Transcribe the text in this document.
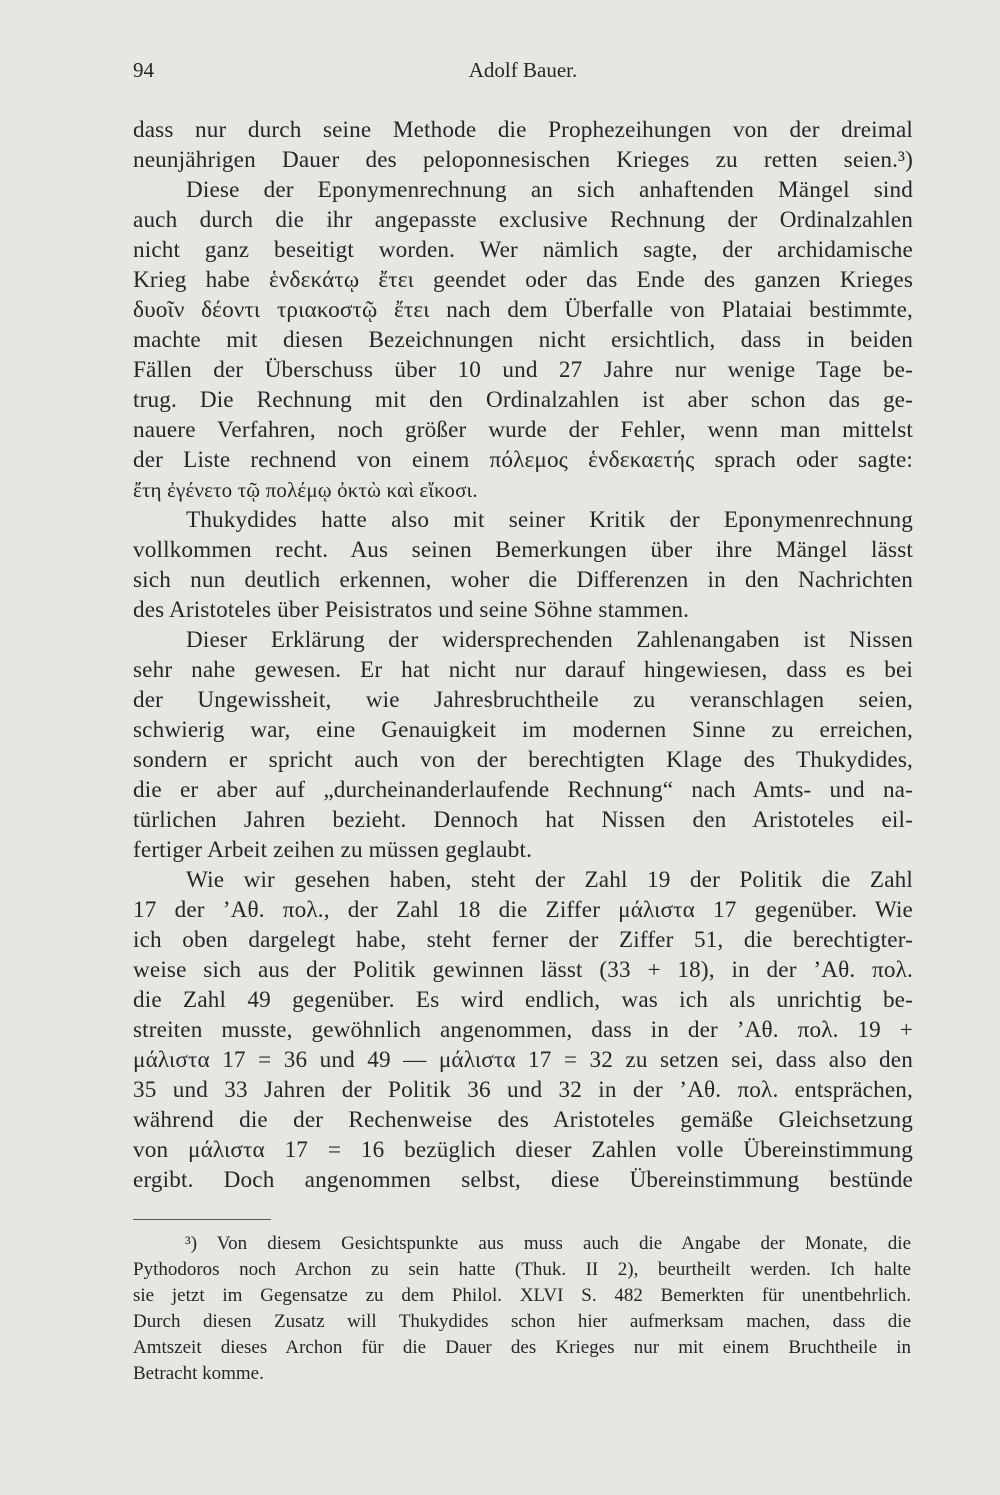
94	Adolf Bauer.
dass nur durch seine Methode die Prophezeihungen von der dreimal
neunjährigen Dauer des peloponnesischen Krieges zu retten seien.³)
Diese der Eponymenrechnung an sich anhaftenden Mängel sind
auch durch die ihr angepasste exclusive Rechnung der Ordinalzahlen
nicht ganz beseitigt worden. Wer nämlich sagte, der archidamische
Krieg habe ἑνδεκάτῳ ἔτει geendet oder das Ende des ganzen Krieges
δυοῖν δέοντι τριακοστῷ ἔτει nach dem Überfalle von Plataiai bestimmte,
machte mit diesen Bezeichnungen nicht ersichtlich, dass in beiden
Fällen der Überschuss über 10 und 27 Jahre nur wenige Tage be-
trug. Die Rechnung mit den Ordinalzahlen ist aber schon das ge-
nauere Verfahren, noch größer wurde der Fehler, wenn man mittelst
der Liste rechnend von einem πόλεμος ἑνδεκαετής sprach oder sagte:
ἔτη ἐγένετο τῷ πολέμῳ ὀκτὼ καὶ εἴκοσι.
Thukydides hatte also mit seiner Kritik der Eponymenrechnung
vollkommen recht. Aus seinen Bemerkungen über ihre Mängel lässt
sich nun deutlich erkennen, woher die Differenzen in den Nachrichten
des Aristoteles über Peisistratos und seine Söhne stammen.
Dieser Erklärung der widersprechenden Zahlenangaben ist Nissen
sehr nahe gewesen. Er hat nicht nur darauf hingewiesen, dass es bei
der Ungewissheit, wie Jahresbruchtheile zu veranschlagen seien,
schwierig war, eine Genauigkeit im modernen Sinne zu erreichen,
sondern er spricht auch von der berechtigten Klage des Thukydides,
die er aber auf „durcheinanderlaufende Rechnung“ nach Amts- und na-
türlichen Jahren bezieht. Dennoch hat Nissen den Aristoteles eil-
fertiger Arbeit zeihen zu müssen geglaubt.
Wie wir gesehen haben, steht der Zahl 19 der Politik die Zahl
17 der ’Αθ. πολ., der Zahl 18 die Ziffer μάλιστα 17 gegenüber. Wie
ich oben dargelegt habe, steht ferner der Ziffer 51, die berechtigter-
weise sich aus der Politik gewinnen lässt (33 + 18), in der ’Αθ. πολ.
die Zahl 49 gegenüber. Es wird endlich, was ich als unrichtig be-
streiten musste, gewöhnlich angenommen, dass in der ’Αθ. πολ. 19 +
μάλιστα 17 = 36 und 49 — μάλιστα 17 = 32 zu setzen sei, dass also den
35 und 33 Jahren der Politik 36 und 32 in der ’Αθ. πολ. entsprächen,
während die der Rechenweise des Aristoteles gemäße Gleichsetzung
von μάλιστα 17 = 16 bezüglich dieser Zahlen volle Übereinstimmung
ergibt. Doch angenommen selbst, diese Übereinstimmung bestünde
³) Von diesem Gesichtspunkte aus muss auch die Angabe der Monate, die
Pythodoros noch Archon zu sein hatte (Thuk. II 2), beurtheilt werden. Ich halte
sie jetzt im Gegensatze zu dem Philol. XLVI S. 482 Bemerkten für unentbehrlich.
Durch diesen Zusatz will Thukydides schon hier aufmerksam machen, dass die
Amtszeit dieses Archon für die Dauer des Krieges nur mit einem Bruchtheile in
Betracht komme.
